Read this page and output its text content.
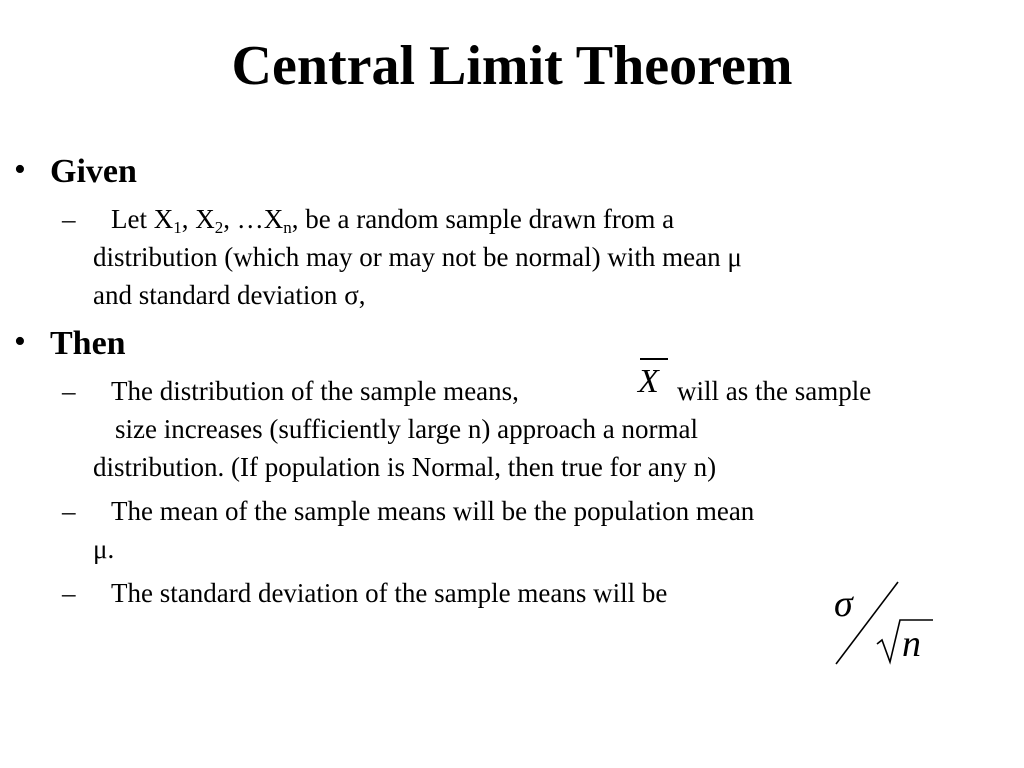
Central Limit Theorem
• Given
– Let $X_1$, $X_2$, $\dots X_n$, be a random sample drawn from a
distribution (which may or may not be normal) with mean μ
and standard deviation σ,
• Then
– The distribution of the sample means,	X will as the sample
size increases (sufficiently large n) approach a normal
distribution. (If population is Normal, then true for any n)
– The mean of the sample means will be the population mean
μ.
– The standard deviation of the sample means will be	σ
n
